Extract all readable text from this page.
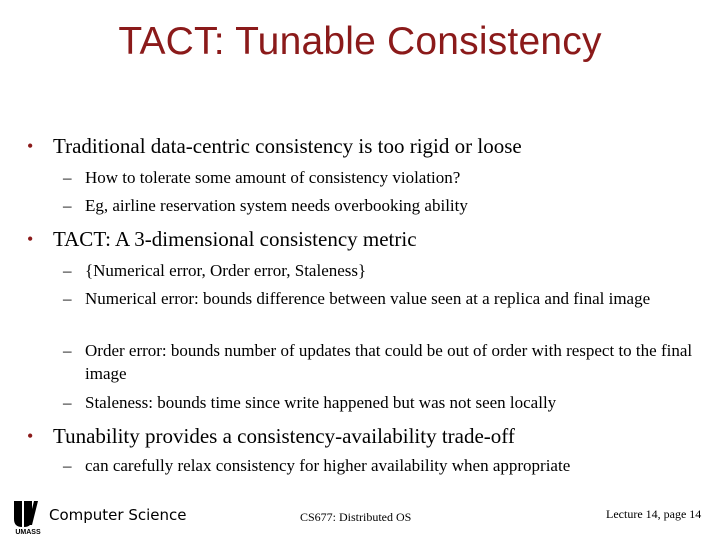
TACT: Tunable Consistency
• Traditional data-centric consistency is too rigid or loose
– How to tolerate some amount of consistency violation?
– Eg, airline reservation system needs overbooking ability
• TACT: A 3-dimensional consistency metric
– {Numerical error, Order error, Staleness}
– Numerical error: bounds difference between value seen at a replica and final image
– Order error: bounds number of updates that could be out of order with respect to the final image
– Staleness: bounds time since write happened but was not seen locally
• Tunability provides a consistency-availability trade-off
– can carefully relax consistency for higher availability when appropriate
UMASS
Computer Science	CS677: Distributed OS	Lecture 14, page 14
